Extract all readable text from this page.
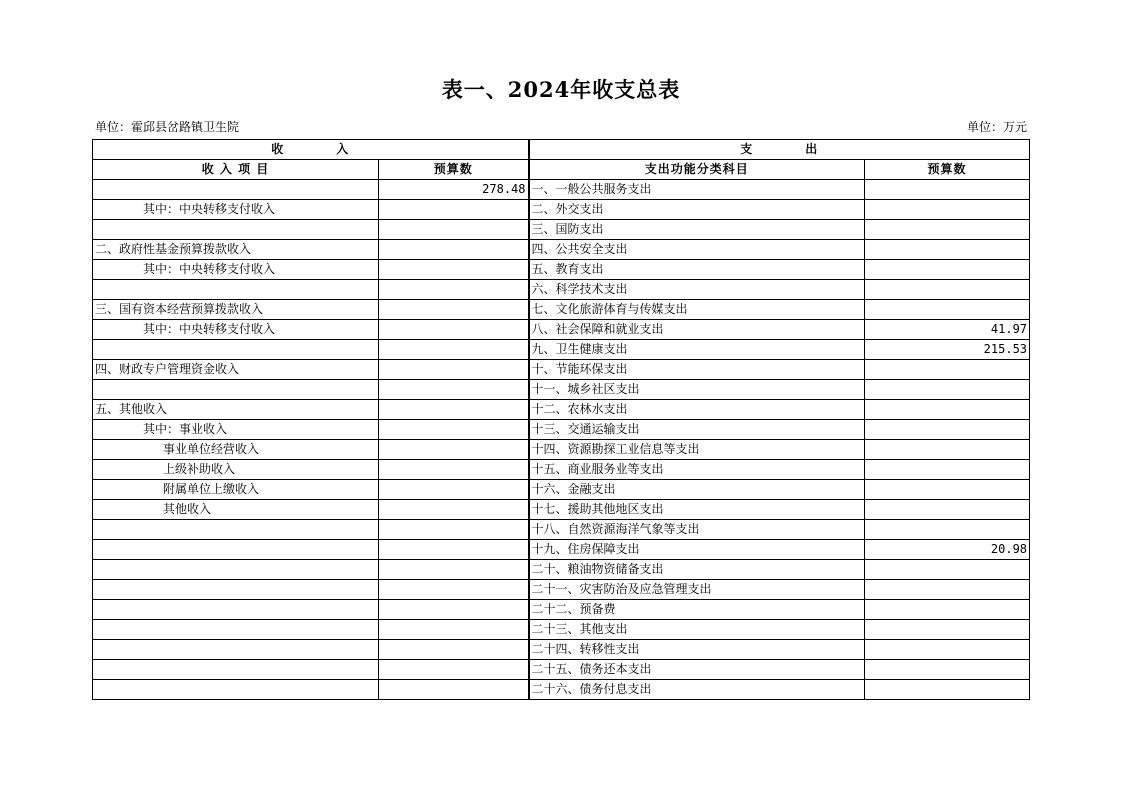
表一、2024年收支总表
单位：霍邱县岔路镇卫生院	单位：万元
收　　　　入		支　　　　出	
收 入 项 目	预算数	支出功能分类科目	预算数
	278.48	一、一般公共服务支出	
其中：中央转移支付收入		二、外交支出	
		三、国防支出	
二、政府性基金预算拨款收入		四、公共安全支出	
其中：中央转移支付收入		五、教育支出	
		六、科学技术支出	
三、国有资本经营预算拨款收入		七、文化旅游体育与传媒支出	
其中：中央转移支付收入		八、社会保障和就业支出	41.97
		九、卫生健康支出	215.53
四、财政专户管理资金收入		十、节能环保支出	
		十一、城乡社区支出	
五、其他收入		十二、农林水支出	
其中：事业收入		十三、交通运输支出	
事业单位经营收入		十四、资源勘探工业信息等支出	
上级补助收入		十五、商业服务业等支出	
附属单位上缴收入		十六、金融支出	
其他收入		十七、援助其他地区支出	
		十八、自然资源海洋气象等支出	
		十九、住房保障支出	20.98
		二十、粮油物资储备支出	
		二十一、灾害防治及应急管理支出	
		二十二、预备费	
		二十三、其他支出	
		二十四、转移性支出	
		二十五、债务还本支出	
		二十六、债务付息支出	
